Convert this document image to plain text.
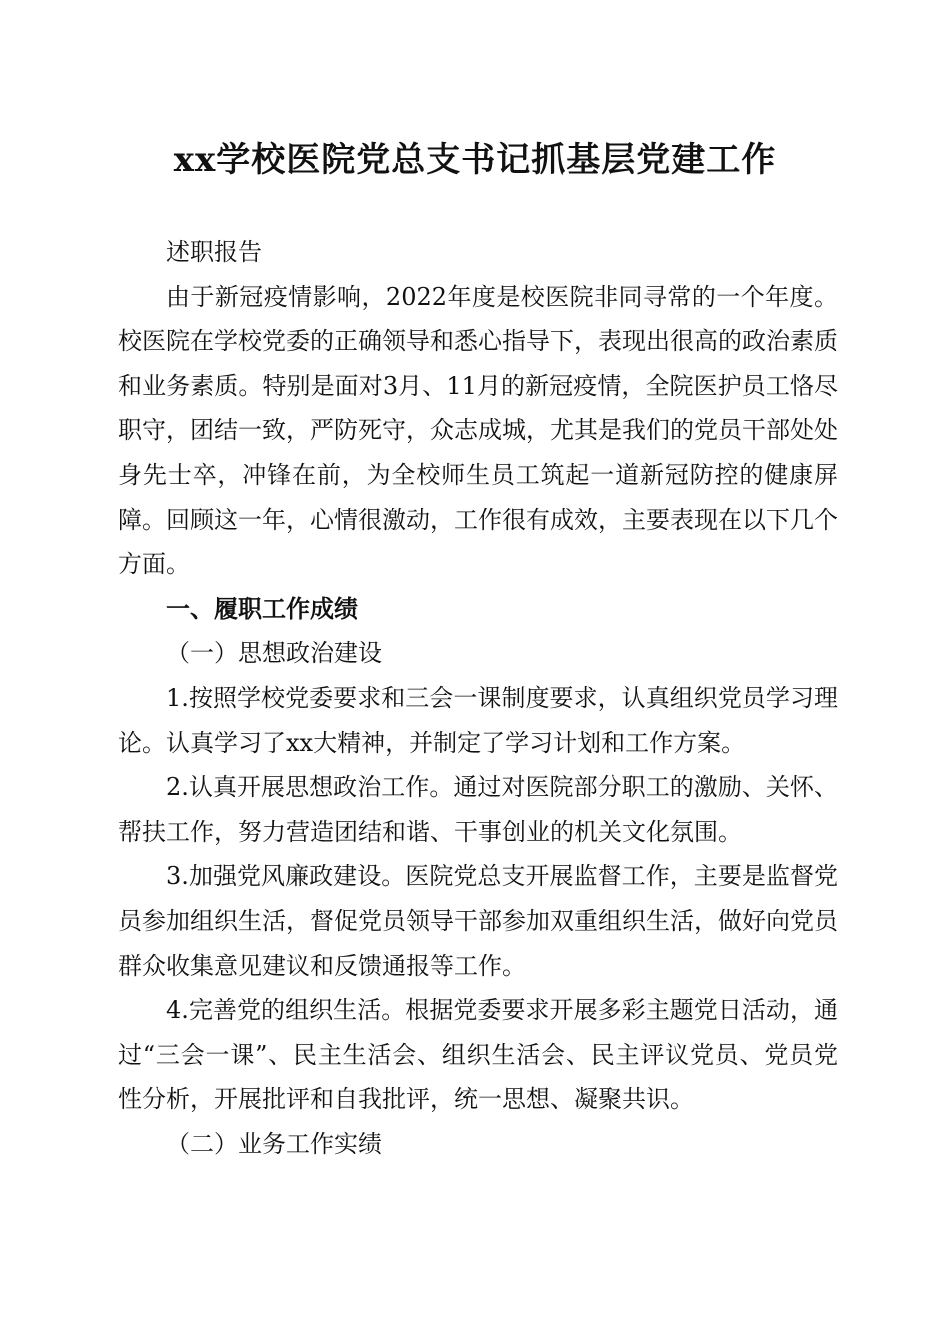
xx学校医院党总支书记抓基层党建工作

述职报告

由于新冠疫情影响，2022年度是校医院非同寻常的一个年度。校医院在学校党委的正确领导和悉心指导下，表现出很高的政治素质和业务素质。特别是面对3月、11月的新冠疫情，全院医护员工恪尽职守，团结一致，严防死守，众志成城，尤其是我们的党员干部处处身先士卒，冲锋在前，为全校师生员工筑起一道新冠防控的健康屏障。回顾这一年，心情很激动，工作很有成效，主要表现在以下几个方面。

一、履职工作成绩

（一）思想政治建设

1.按照学校党委要求和三会一课制度要求，认真组织党员学习理论。认真学习了xx大精神，并制定了学习计划和工作方案。

2.认真开展思想政治工作。通过对医院部分职工的激励、关怀、帮扶工作，努力营造团结和谐、干事创业的机关文化氛围。

3.加强党风廉政建设。医院党总支开展监督工作，主要是监督党员参加组织生活，督促党员领导干部参加双重组织生活，做好向党员群众收集意见建议和反馈通报等工作。

4.完善党的组织生活。根据党委要求开展多彩主题党日活动，通过“三会一课”、民主生活会、组织生活会、民主评议党员、党员党性分析，开展批评和自我批评，统一思想、凝聚共识。

（二）业务工作实绩
